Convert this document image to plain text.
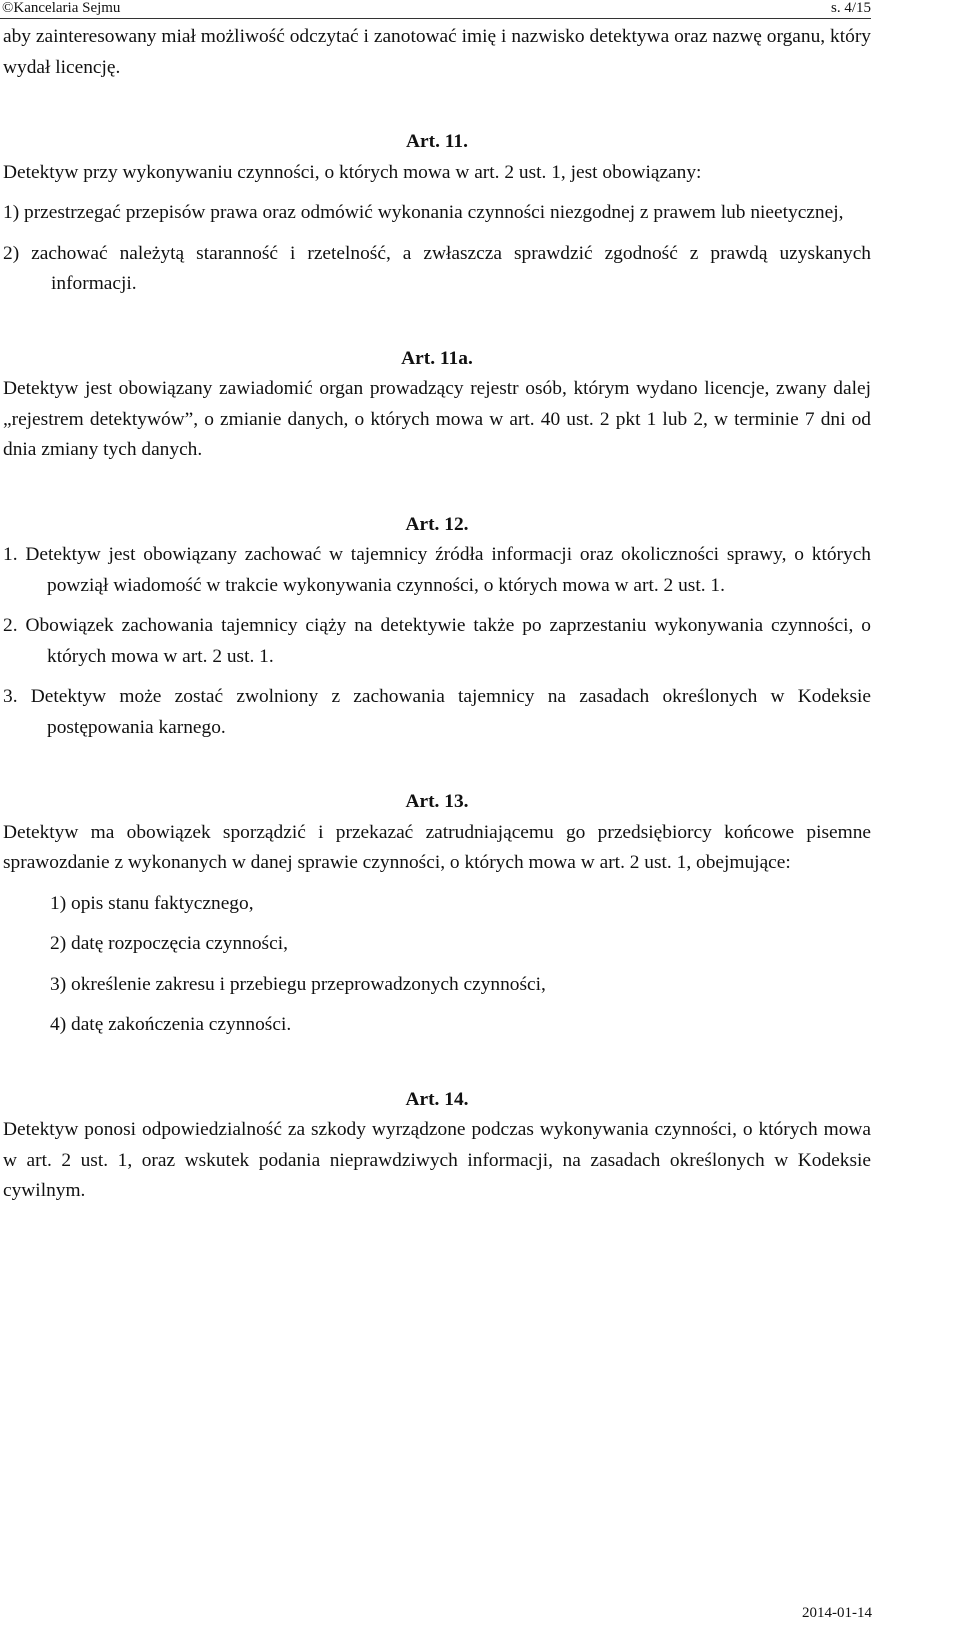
©Kancelaria Sejmu	s. 4/15

aby zainteresowany miał możliwość odczytać i zanotować imię i nazwisko detektywa oraz nazwę organu, który wydał licencję.

Art. 11.

Detektyw przy wykonywaniu czynności, o których mowa w art. 2 ust. 1, jest obowiązany:

1) przestrzegać przepisów prawa oraz odmówić wykonania czynności niezgodnej z prawem lub nieetycznej,
2) zachować należytą staranność i rzetelność, a zwłaszcza sprawdzić zgodność z prawdą uzyskanych informacji.

Art. 11a.

Detektyw jest obowiązany zawiadomić organ prowadzący rejestr osób, którym wydano licencje, zwany dalej „rejestrem detektywów”, o zmianie danych, o których mowa w art. 40 ust. 2 pkt 1 lub 2, w terminie 7 dni od dnia zmiany tych danych.

Art. 12.

1. Detektyw jest obowiązany zachować w tajemnicy źródła informacji oraz okoliczności sprawy, o których powziął wiadomość w trakcie wykonywania czynności, o których mowa w art. 2 ust. 1.

2. Obowiązek zachowania tajemnicy ciąży na detektywie także po zaprzestaniu wykonywania czynności, o których mowa w art. 2 ust. 1.

3. Detektyw może zostać zwolniony z zachowania tajemnicy na zasadach określonych w Kodeksie postępowania karnego.

Art. 13.

Detektyw ma obowiązek sporządzić i przekazać zatrudniającemu go przedsiębiorcy końcowe pisemne sprawozdanie z wykonanych w danej sprawie czynności, o których mowa w art. 2 ust. 1, obejmujące:

1) opis stanu faktycznego,
2) datę rozpoczęcia czynności,
3) określenie zakresu i przebiegu przeprowadzonych czynności,
4) datę zakończenia czynności.

Art. 14.

Detektyw ponosi odpowiedzialność za szkody wyrządzone podczas wykonywania czynności, o których mowa w art. 2 ust. 1, oraz wskutek podania nieprawdziwych informacji, na zasadach określonych w Kodeksie cywilnym.

2014-01-14
